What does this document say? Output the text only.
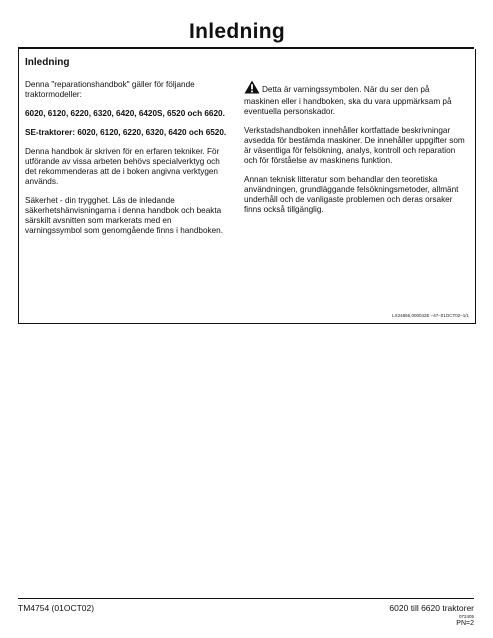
Inledning
Inledning

Denna "reparationshandbok" gäller för följande traktormodeller:

6020, 6120, 6220, 6320, 6420, 6420S, 6520 och 6620.

SE-traktorer: 6020, 6120, 6220, 6320, 6420 och 6520.

Denna handbok är skriven för en erfaren tekniker. För utförande av vissa arbeten behövs specialverktyg och det rekommenderas att de i boken angivna verktygen används.

Säkerhet - din trygghet. Läs de inledande säkerhetshänvisningarna i denna handbok och beakta särskilt avsnitten som markerats med en varningssymbol som genomgående finns i handboken.

Detta är varningssymbolen. När du ser den på maskinen eller i handboken, ska du vara uppmärksam på eventuella personskador.

Verkstadshandboken innehåller kortfattade beskrivningar avsedda för bestämda maskiner. De innehåller uppgifter som är väsentliga för felsökning, analys, kontroll och reparation och för förståelse av maskinens funktion.

Annan teknisk litteratur som behandlar den teoretiska användningen, grundläggande felsökningsmetoder, allmänt underhåll och de vanligaste problemen och deras orsaker finns också tillgänglig.

LX24866,000042E –47–01OCT02–1/1
TM4754 (01OCT02)	6020 till 6620 traktorer
072405
PN=2
